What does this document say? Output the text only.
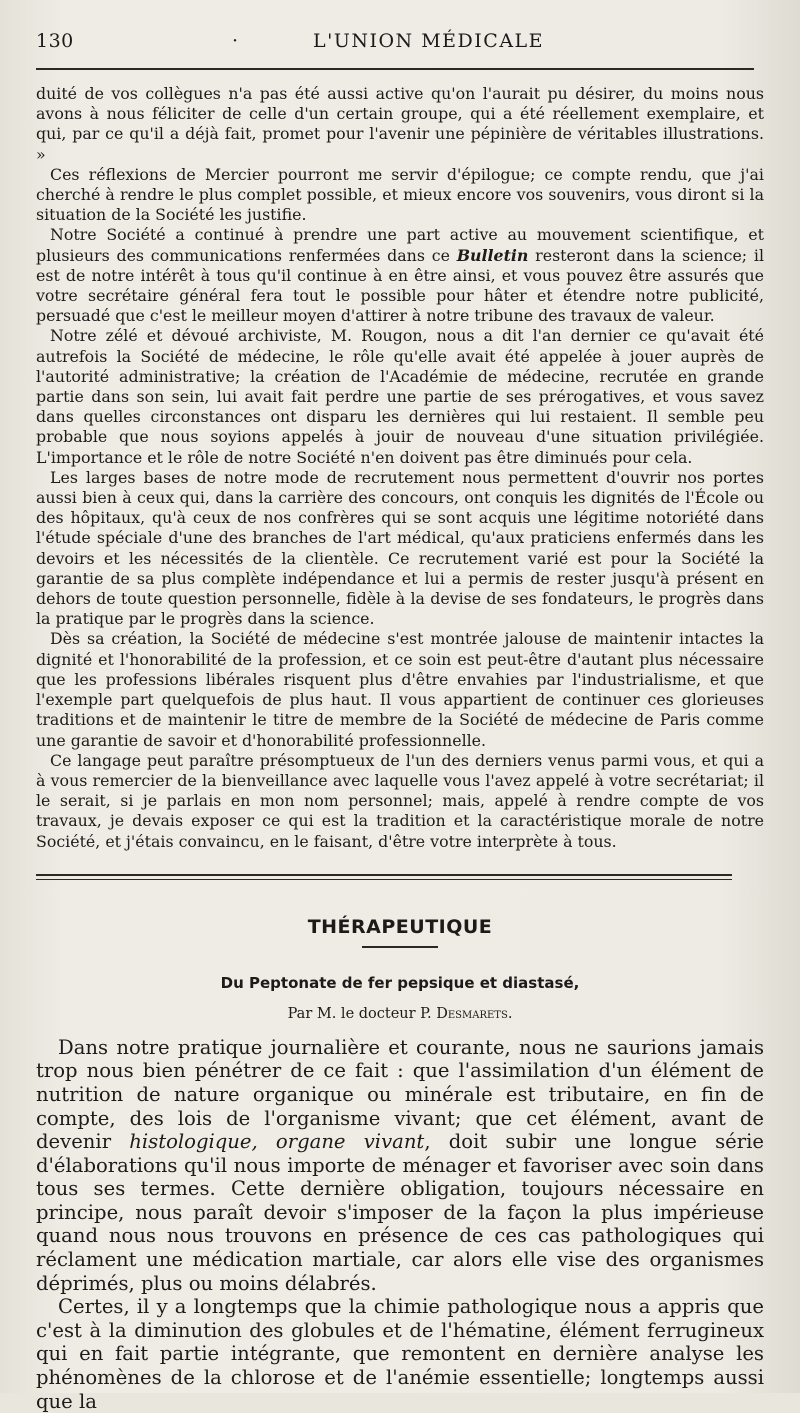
130	·	L'UNION MÉDICALE

duité de vos collègues n'a pas été aussi active qu'on l'aurait pu désirer, du moins nous avons à nous féliciter de celle d'un certain groupe, qui a été réellement exemplaire, et qui, par ce qu'il a déjà fait, promet pour l'avenir une pépinière de véritables illustrations. »

Ces réflexions de Mercier pourront me servir d'épilogue; ce compte rendu, que j'ai cherché à rendre le plus complet possible, et mieux encore vos souvenirs, vous diront si la situation de la Société les justifie.

Notre Société a continué à prendre une part active au mouvement scientifique, et plusieurs des communications renfermées dans ce Bulletin resteront dans la science; il est de notre intérêt à tous qu'il continue à en être ainsi, et vous pouvez être assurés que votre secrétaire général fera tout le possible pour hâter et étendre notre publicité, persuadé que c'est le meilleur moyen d'attirer à notre tribune des travaux de valeur.

Notre zélé et dévoué archiviste, M. Rougon, nous a dit l'an dernier ce qu'avait été autrefois la Société de médecine, le rôle qu'elle avait été appelée à jouer auprès de l'autorité administrative; la création de l'Académie de médecine, recrutée en grande partie dans son sein, lui avait fait perdre une partie de ses prérogatives, et vous savez dans quelles circonstances ont disparu les dernières qui lui restaient. Il semble peu probable que nous soyions appelés à jouir de nouveau d'une situation privilégiée. L'importance et le rôle de notre Société n'en doivent pas être diminués pour cela.

Les larges bases de notre mode de recrutement nous permettent d'ouvrir nos portes aussi bien à ceux qui, dans la carrière des concours, ont conquis les dignités de l'École ou des hôpitaux, qu'à ceux de nos confrères qui se sont acquis une légitime notoriété dans l'étude spéciale d'une des branches de l'art médical, qu'aux praticiens enfermés dans les devoirs et les nécessités de la clientèle. Ce recrutement varié est pour la Société la garantie de sa plus complète indépendance et lui a permis de rester jusqu'à présent en dehors de toute question personnelle, fidèle à la devise de ses fondateurs, le progrès dans la pratique par le progrès dans la science.

Dès sa création, la Société de médecine s'est montrée jalouse de maintenir intactes la dignité et l'honorabilité de la profession, et ce soin est peut-être d'autant plus nécessaire que les professions libérales risquent plus d'être envahies par l'industrialisme, et que l'exemple part quelquefois de plus haut. Il vous appartient de continuer ces glorieuses traditions et de maintenir le titre de membre de la Société de médecine de Paris comme une garantie de savoir et d'honorabilité professionnelle.

Ce langage peut paraître présomptueux de l'un des derniers venus parmi vous, et qui a à vous remercier de la bienveillance avec laquelle vous l'avez appelé à votre secrétariat; il le serait, si je parlais en mon nom personnel; mais, appelé à rendre compte de vos travaux, je devais exposer ce qui est la tradition et la caractéristique morale de notre Société, et j'étais convaincu, en le faisant, d'être votre interprète à tous.

THÉRAPEUTIQUE
Du Peptonate de fer pepsique et diastasé,
Par M. le docteur P. Desmarets.

Dans notre pratique journalière et courante, nous ne saurions jamais trop nous bien pénétrer de ce fait : que l'assimilation d'un élément de nutrition de nature organique ou minérale est tributaire, en fin de compte, des lois de l'organisme vivant; que cet élément, avant de devenir histologique, organe vivant, doit subir une longue série d'élaborations qu'il nous importe de ménager et favoriser avec soin dans tous ses termes. Cette dernière obligation, toujours nécessaire en principe, nous paraît devoir s'imposer de la façon la plus impérieuse quand nous nous trouvons en présence de ces cas pathologiques qui réclament une médication martiale, car alors elle vise des organismes déprimés, plus ou moins délabrés.

Certes, il y a longtemps que la chimie pathologique nous a appris que c'est à la diminution des globules et de l'hématine, élément ferrugineux qui en fait partie intégrante, que remontent en dernière analyse les phénomènes de la chlorose et de l'anémie essentielle; longtemps aussi que la
